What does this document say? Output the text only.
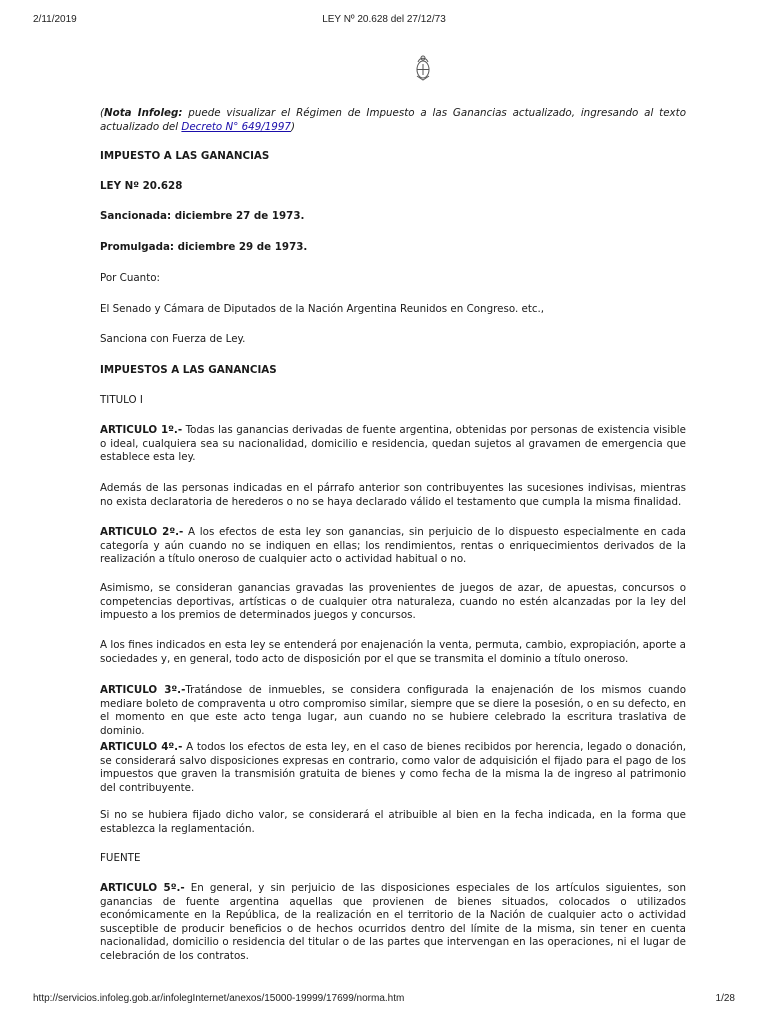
2/11/2019	LEY Nº 20.628 del 27/12/73

(Nota Infoleg: puede visualizar el Régimen de Impuesto a las Ganancias actualizado, ingresando al texto actualizado del Decreto N° 649/1997)

IMPUESTO A LAS GANANCIAS

LEY Nº 20.628

Sancionada: diciembre 27 de 1973.

Promulgada: diciembre 29 de 1973.

Por Cuanto:

El Senado y Cámara de Diputados de la Nación Argentina Reunidos en Congreso. etc.,

Sanciona con Fuerza de Ley.

IMPUESTOS A LAS GANANCIAS

TITULO I

ARTICULO 1º.- Todas las ganancias derivadas de fuente argentina, obtenidas por personas de existencia visible o ideal, cualquiera sea su nacionalidad, domicilio e residencia, quedan sujetos al gravamen de emergencia que establece esta ley.

Además de las personas indicadas en el párrafo anterior son contribuyentes las sucesiones indivisas, mientras no exista declaratoria de herederos o no se haya declarado válido el testamento que cumpla la misma finalidad.

ARTICULO 2º.- A los efectos de esta ley son ganancias, sin perjuicio de lo dispuesto especialmente en cada categoría y aún cuando no se indiquen en ellas; los rendimientos, rentas o enriquecimientos derivados de la realización a título oneroso de cualquier acto o actividad habitual o no.

Asimismo, se consideran ganancias gravadas las provenientes de juegos de azar, de apuestas, concursos o competencias deportivas, artísticas o de cualquier otra naturaleza, cuando no estén alcanzadas por la ley del impuesto a los premios de determinados juegos y concursos.

A los fines indicados en esta ley se entenderá por enajenación la venta, permuta, cambio, expropiación, aporte a sociedades y, en general, todo acto de disposición por el que se transmita el dominio a título oneroso.

ARTICULO 3º.-Tratándose de inmuebles, se considera configurada la enajenación de los mismos cuando mediare boleto de compraventa u otro compromiso similar, siempre que se diere la posesión, o en su defecto, en el momento en que este acto tenga lugar, aun cuando no se hubiere celebrado la escritura traslativa de dominio.

ARTICULO 4º.- A todos los efectos de esta ley, en el caso de bienes recibidos por herencia, legado o donación, se considerará salvo disposiciones expresas en contrario, como valor de adquisición el fijado para el pago de los impuestos que graven la transmisión gratuita de bienes y como fecha de la misma la de ingreso al patrimonio del contribuyente.

Si no se hubiera fijado dicho valor, se considerará el atribuible al bien en la fecha indicada, en la forma que establezca la reglamentación.

FUENTE

ARTICULO 5º.- En general, y sin perjuicio de las disposiciones especiales de los artículos siguientes, son ganancias de fuente argentina aquellas que provienen de bienes situados, colocados o utilizados económicamente en la República, de la realización en el territorio de la Nación de cualquier acto o actividad susceptible de producir beneficios o de hechos ocurridos dentro del límite de la misma, sin tener en cuenta nacionalidad, domicilio o residencia del titular o de las partes que intervengan en las operaciones, ni el lugar de celebración de los contratos.

http://servicios.infoleg.gob.ar/infolegInternet/anexos/15000-19999/17699/norma.htm	1/28
